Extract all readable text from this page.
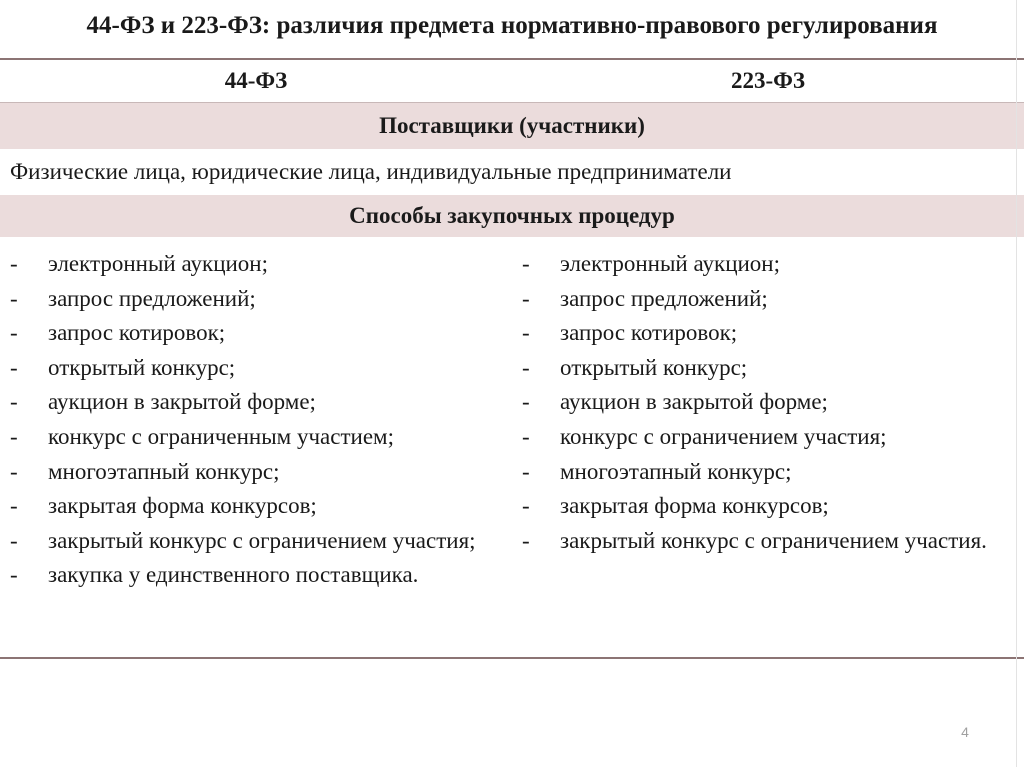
44-ФЗ и 223-ФЗ: различия предмета нормативно-правового регулирования
44-ФЗ	223-ФЗ
Поставщики (участники)
Физические лица, юридические лица, индивидуальные предприниматели
Способы закупочных процедур
- электронный аукцион;
- запрос предложений;
- запрос котировок;
- открытый конкурс;
- аукцион в закрытой форме;
- конкурс с ограниченным участием;
- многоэтапный конкурс;
- закрытая форма конкурсов;
- закрытый конкурс с ограничением участия;
- закупка у единственного поставщика.
- электронный аукцион;
- запрос предложений;
- запрос котировок;
- открытый конкурс;
- аукцион в закрытой форме;
- конкурс с ограничением участия;
- многоэтапный конкурс;
- закрытая форма конкурсов;
- закрытый конкурс с ограничением участия.
4
